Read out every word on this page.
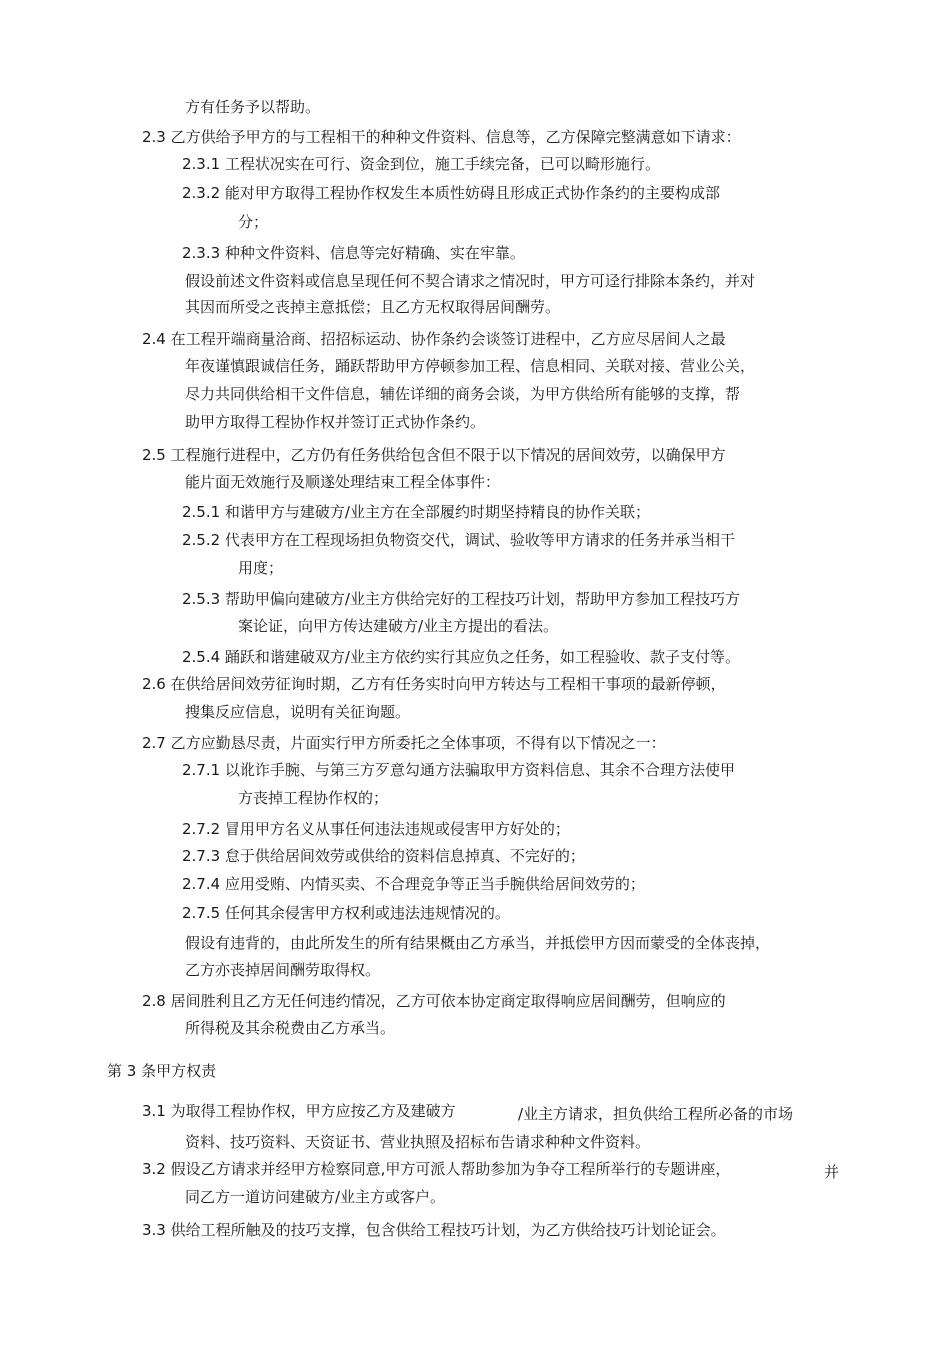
方有任务予以帮助。
2.3 乙方供给予甲方的与工程相干的种种文件资料、信息等，乙方保障完整满意如下请求：
2.3.1 工程状况实在可行、资金到位，施工手续完备，已可以畸形施行。
2.3.2 能对甲方取得工程协作权发生本质性妨碍且形成正式协作条约的主要构成部
分；
2.3.3 种种文件资料、信息等完好精确、实在牢靠。
假设前述文件资料或信息呈现任何不契合请求之情况时，甲方可迳行排除本条约，并对
其因而所受之丧掉主意抵偿；且乙方无权取得居间酬劳。
2.4 在工程开端商量洽商、招招标运动、协作条约会谈签订进程中，乙方应尽居间人之最
年夜谨慎跟诚信任务，踊跃帮助甲方停顿参加工程、信息相同、关联对接、营业公关，
尽力共同供给相干文件信息，辅佐详细的商务会谈，为甲方供给所有能够的支撑，帮
助甲方取得工程协作权并签订正式协作条约。
2.5 工程施行进程中，乙方仍有任务供给包含但不限于以下情况的居间效劳，以确保甲方
能片面无效施行及顺遂处理结束工程全体事件：
2.5.1 和谐甲方与建破方/业主方在全部履约时期坚持精良的协作关联；
2.5.2 代表甲方在工程现场担负物资交代，调试、验收等甲方请求的任务并承当相干
用度；
2.5.3 帮助甲偏向建破方/业主方供给完好的工程技巧计划，帮助甲方参加工程技巧方
案论证，向甲方传达建破方/业主方提出的看法。
2.5.4 踊跃和谐建破双方/业主方依约实行其应负之任务，如工程验收、款子支付等。
2.6 在供给居间效劳征询时期，乙方有任务实时向甲方转达与工程相干事项的最新停顿，
搜集反应信息，说明有关征询题。
2.7 乙方应勤恳尽责，片面实行甲方所委托之全体事项，不得有以下情况之一：
2.7.1 以讹诈手腕、与第三方歹意勾通方法骗取甲方资料信息、其余不合理方法使甲
方丧掉工程协作权的；
2.7.2 冒用甲方名义从事任何违法违规或侵害甲方好处的；
2.7.3 怠于供给居间效劳或供给的资料信息掉真、不完好的；
2.7.4 应用受贿、内情买卖、不合理竞争等正当手腕供给居间效劳的；
2.7.5 任何其余侵害甲方权利或违法违规情况的。
假设有违背的，由此所发生的所有结果概由乙方承当，并抵偿甲方因而蒙受的全体丧掉，
乙方亦丧掉居间酬劳取得权。
2.8 居间胜利且乙方无任何违约情况，乙方可依本协定商定取得响应居间酬劳，但响应的
所得税及其余税费由乙方承当。
第 3 条甲方权责
3.1 为取得工程协作权，甲方应按乙方及建破方	/业主方请求，担负供给工程所必备的市场
资料、技巧资料、天资证书、营业执照及招标布告请求种种文件资料。
3.2 假设乙方请求并经甲方检察同意,甲方可派人帮助参加为争夺工程所举行的专题讲座，	并
同乙方一道访问建破方/业主方或客户。
3.3 供给工程所触及的技巧支撑，包含供给工程技巧计划，为乙方供给技巧计划论证会。
